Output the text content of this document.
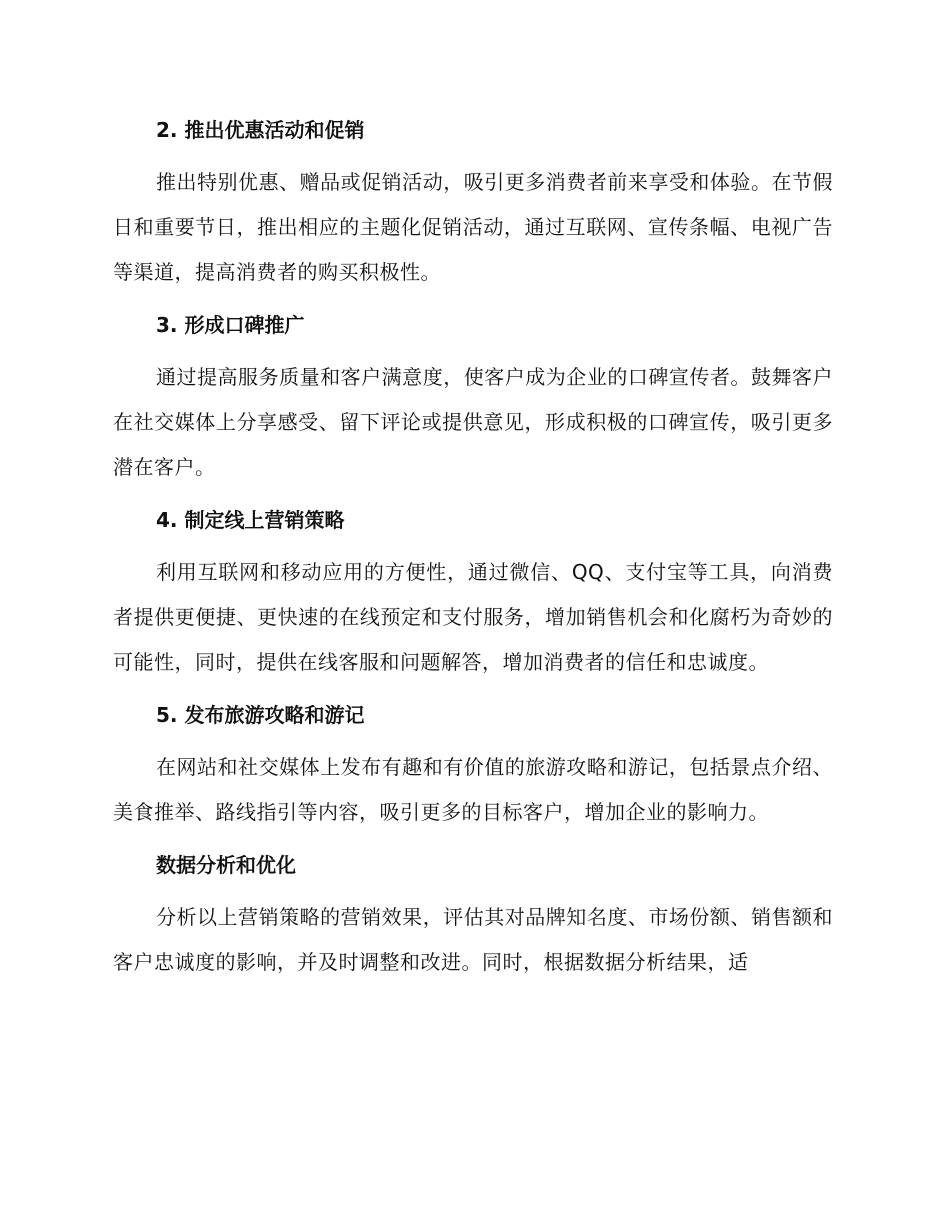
2. 推出优惠活动和促销

推出特别优惠、赠品或促销活动，吸引更多消费者前来享受和体验。在节假日和重要节日，推出相应的主题化促销活动，通过互联网、宣传条幅、电视广告等渠道，提高消费者的购买积极性。

3. 形成口碑推广

通过提高服务质量和客户满意度，使客户成为企业的口碑宣传者。鼓舞客户在社交媒体上分享感受、留下评论或提供意见，形成积极的口碑宣传，吸引更多潜在客户。

4. 制定线上营销策略

利用互联网和移动应用的方便性，通过微信、QQ、支付宝等工具，向消费者提供更便捷、更快速的在线预定和支付服务，增加销售机会和化腐朽为奇妙的可能性，同时，提供在线客服和问题解答，增加消费者的信任和忠诚度。

5. 发布旅游攻略和游记

在网站和社交媒体上发布有趣和有价值的旅游攻略和游记，包括景点介绍、美食推举、路线指引等内容，吸引更多的目标客户，增加企业的影响力。

数据分析和优化

分析以上营销策略的营销效果，评估其对品牌知名度、市场份额、销售额和客户忠诚度的影响，并及时调整和改进。同时，根据数据分析结果，适
